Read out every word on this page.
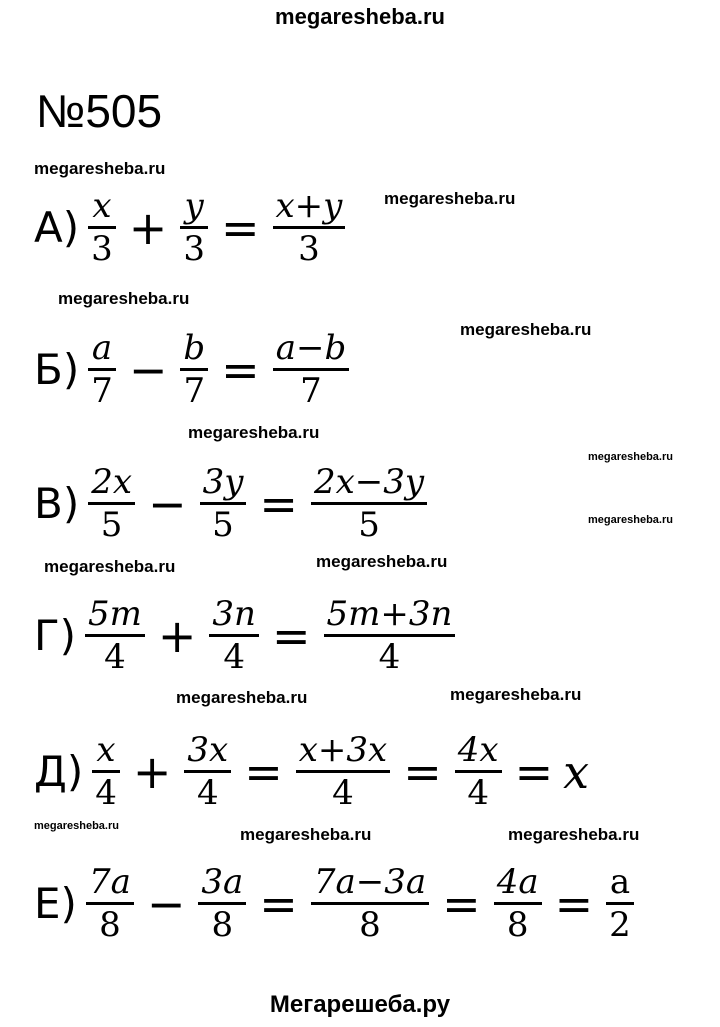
megaresheba.ru
№505
$А) \frac{x}{3} + \frac{y}{3} = \frac{x+y}{3}$
$Б) \frac{a}{7} - \frac{b}{7} = \frac{a-b}{7}$
$В) \frac{2x}{5} - \frac{3y}{5} = \frac{2x-3y}{5}$
$Г) \frac{5m}{4} + \frac{3n}{4} = \frac{5m+3n}{4}$
$Д) \frac{x}{4} + \frac{3x}{4} = \frac{x+3x}{4} = \frac{4x}{4} = x$
$Е) \frac{7a}{8} - \frac{3a}{8} = \frac{7a-3a}{8} = \frac{4a}{8} = \frac{a}{2}$
megaresheba.ru
megaresheba.ru
megaresheba.ru
megaresheba.ru
megaresheba.ru
megaresheba.ru
megaresheba.ru
megaresheba.ru	megaresheba.ru
megaresheba.ru	megaresheba.ru
megaresheba.ru	megaresheba.ru	megaresheba.ru
Мегарешеба.ру
